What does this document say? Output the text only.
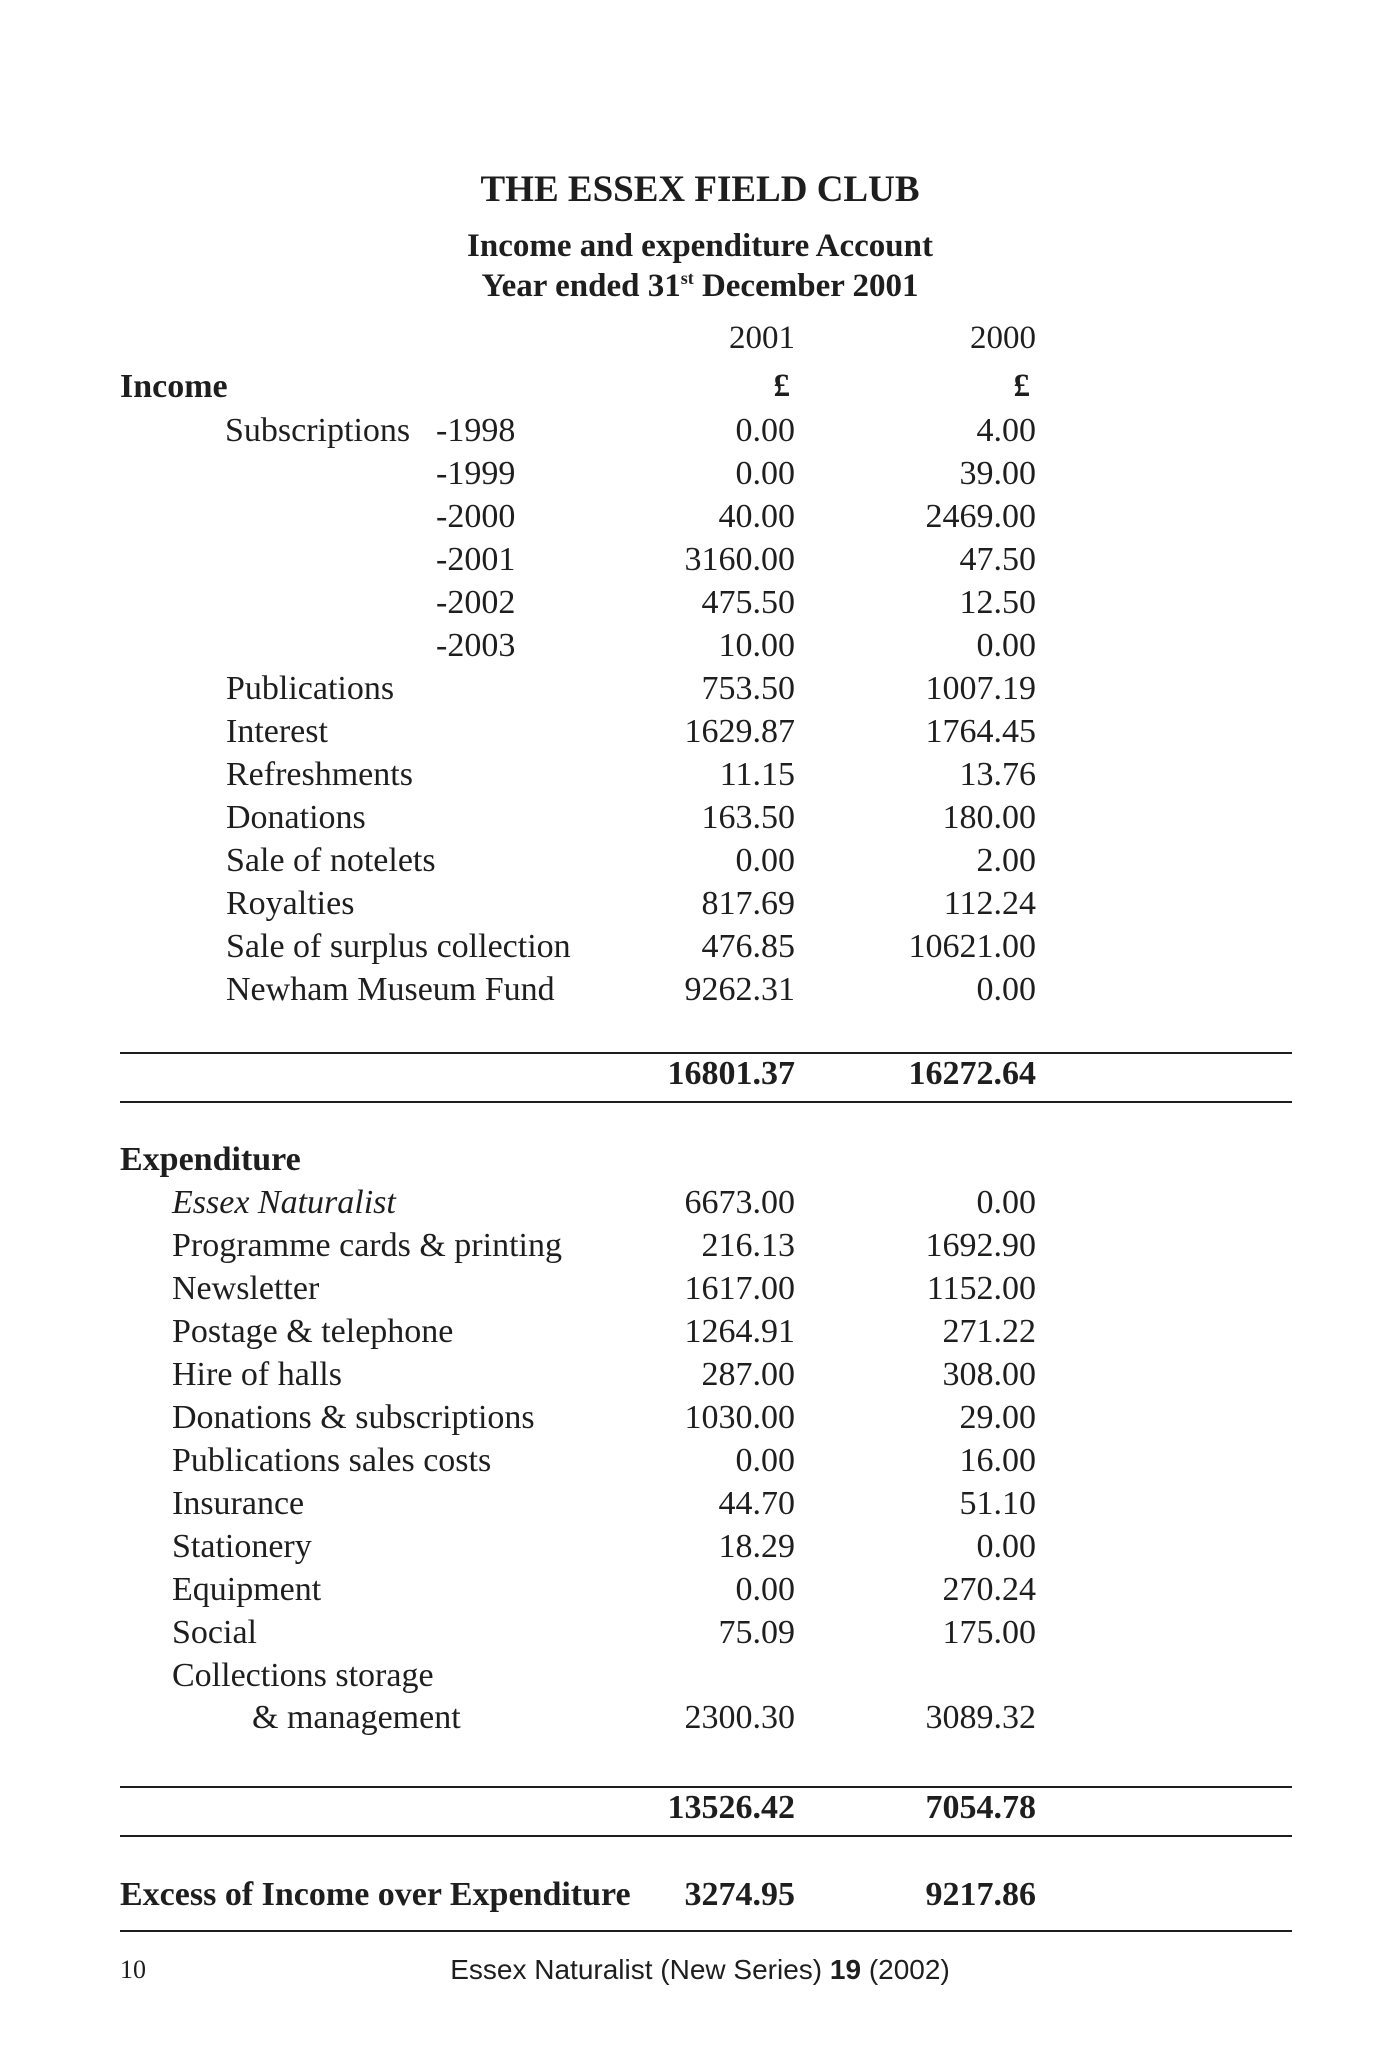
THE ESSEX FIELD CLUB
Income and expenditure Account
Year ended 31st December 2001
2001	2000
Income	£	£
Subscriptions -1998	0.00	4.00
-1999	0.00	39.00
-2000	40.00	2469.00
-2001	3160.00	47.50
-2002	475.50	12.50
-2003	10.00	0.00
Publications	753.50	1007.19
Interest	1629.87	1764.45
Refreshments	11.15	13.76
Donations	163.50	180.00
Sale of notelets	0.00	2.00
Royalties	817.69	112.24
Sale of surplus collection	476.85	10621.00
Newham Museum Fund	9262.31	0.00
16801.37	16272.64
Expenditure
Essex Naturalist	6673.00	0.00
Programme cards & printing	216.13	1692.90
Newsletter	1617.00	1152.00
Postage & telephone	1264.91	271.22
Hire of halls	287.00	308.00
Donations & subscriptions	1030.00	29.00
Publications sales costs	0.00	16.00
Insurance	44.70	51.10
Stationery	18.29	0.00
Equipment	0.00	270.24
Social	75.09	175.00
Collections storage
& management	2300.30	3089.32
13526.42	7054.78
Excess of Income over Expenditure 3274.95	9217.86
10	Essex Naturalist (New Series) 19 (2002)
